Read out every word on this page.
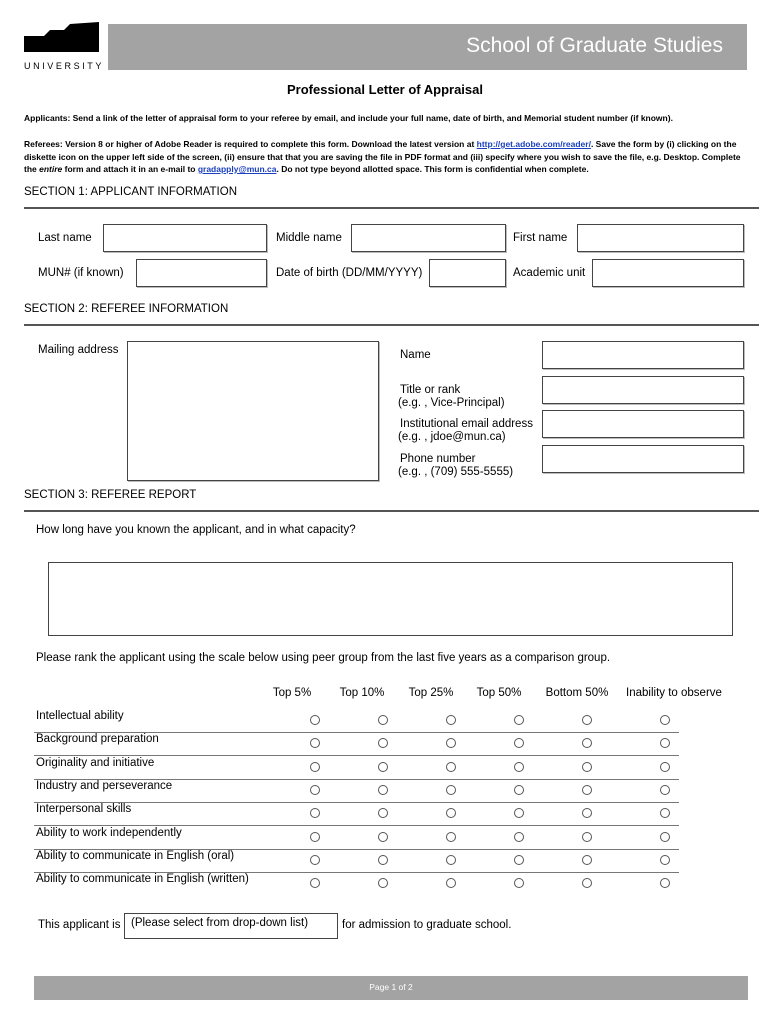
MEMORIAL
UNIVERSITY
School of Graduate Studies
Professional Letter of Appraisal
Applicants: Send a link of the letter of appraisal form to your referee by email, and include your full name, date of birth, and Memorial student number (if known).
Referees: Version 8 or higher of Adobe Reader is required to complete this form. Download the latest version at http://get.adobe.com/reader/. Save the form by (i) clicking on the diskette icon on the upper left side of the screen, (ii) ensure that that you are saving the file in PDF format and (iii) specify where you wish to save the file, e.g. Desktop. Complete the entire form and attach it in an e-mail to gradapply@mun.ca. Do not type beyond allotted space. This form is confidential when complete.
SECTION 1: APPLICANT INFORMATION
Last name	Middle name	First name
MUN# (if known)	Date of birth (DD/MM/YYYY)	Academic unit
SECTION 2: REFEREE INFORMATION
Mailing address	Name
Title or rank
(e.g. , Vice-Principal)
Institutional email address
(e.g. , jdoe@mun.ca)
Phone number
(e.g. , (709) 555-5555)
SECTION 3: REFEREE REPORT
How long have you known the applicant, and in what capacity?
Please rank the applicant using the scale below using peer group from the last five years as a comparison group.
Top 5%	Top 10%	Top 25%	Top 50%	Bottom 50%	Inability to observe
Intellectual ability
Background preparation
Originality and initiative
Industry and perseverance
Interpersonal skills
Ability to work independently
Ability to communicate in English (oral)
Ability to communicate in English (written)
This applicant is (Please select from drop-down list)	for admission to graduate school.
Page 1 of 2
